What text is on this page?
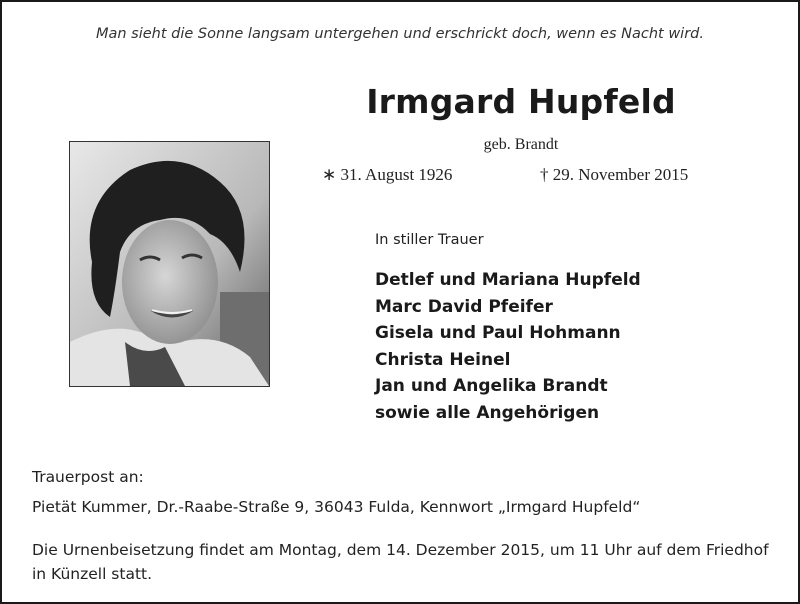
Man sieht die Sonne langsam untergehen und erschrickt doch, wenn es Nacht wird.
Irmgard Hupfeld
geb. Brandt
∗ 31. August 1926	† 29. November 2015
In stiller Trauer
Detlef und Mariana Hupfeld
Marc David Pfeifer
Gisela und Paul Hohmann
Christa Heinel
Jan und Angelika Brandt
sowie alle Angehörigen
Trauerpost an:
Pietät Kummer, Dr.-Raabe-Straße 9, 36043 Fulda, Kennwort „Irmgard Hupfeld“
Die Urnenbeisetzung findet am Montag, dem 14. Dezember 2015, um 11 Uhr auf dem Friedhof in Künzell statt.
